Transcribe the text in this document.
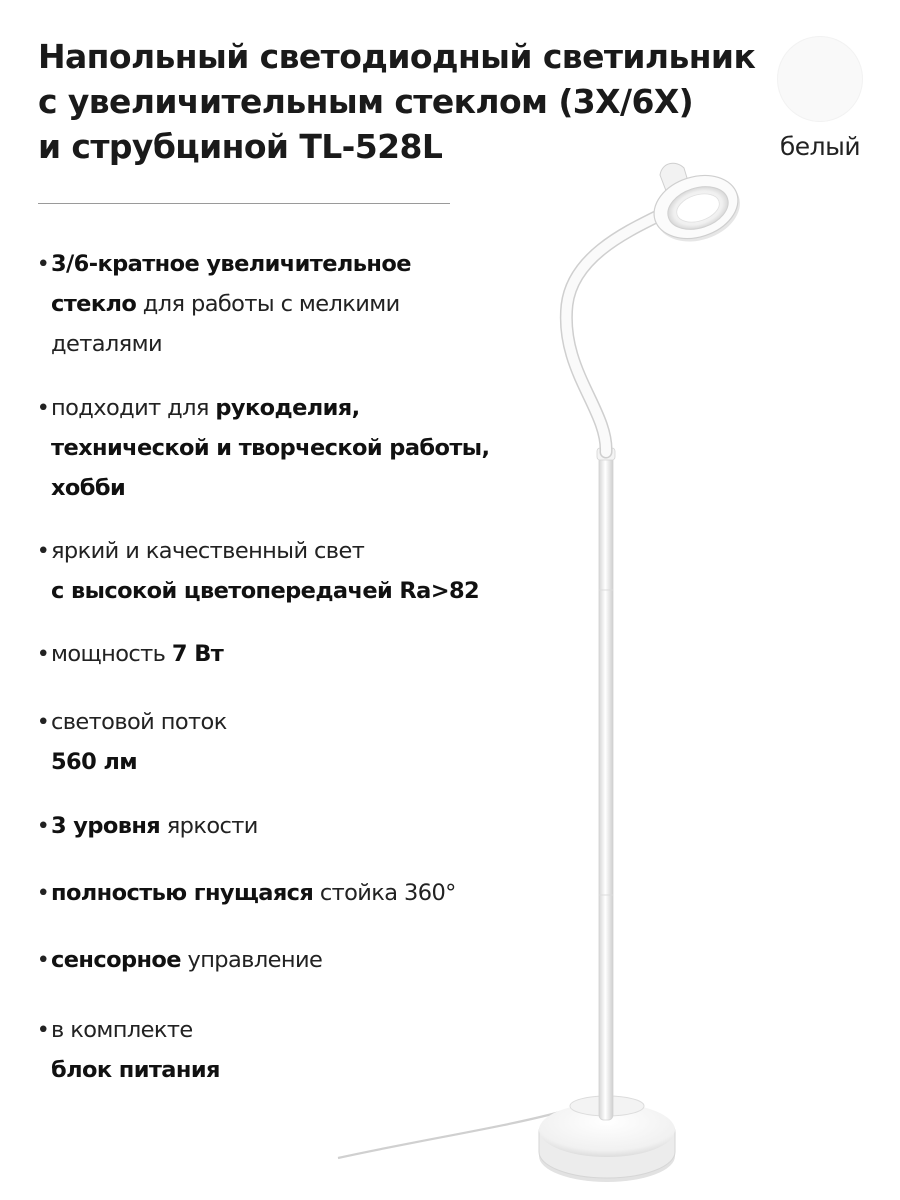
Напольный светодиодный светильник
с увеличительным стеклом (3X/6X)
и струбциной TL-528L	белый
• 3/6-кратное увеличительное
стекло для работы с мелкими
деталями
• подходит для рукоделия,
технической и творческой работы,
хобби
• яркий и качественный свет
с высокой цветопередачей Ra>82
• мощность 7 Вт
• световой поток
560 лм
• 3 уровня яркости
• полностью гнущаяся стойка 360°
• сенсорное управление
• в комплекте
блок питания
